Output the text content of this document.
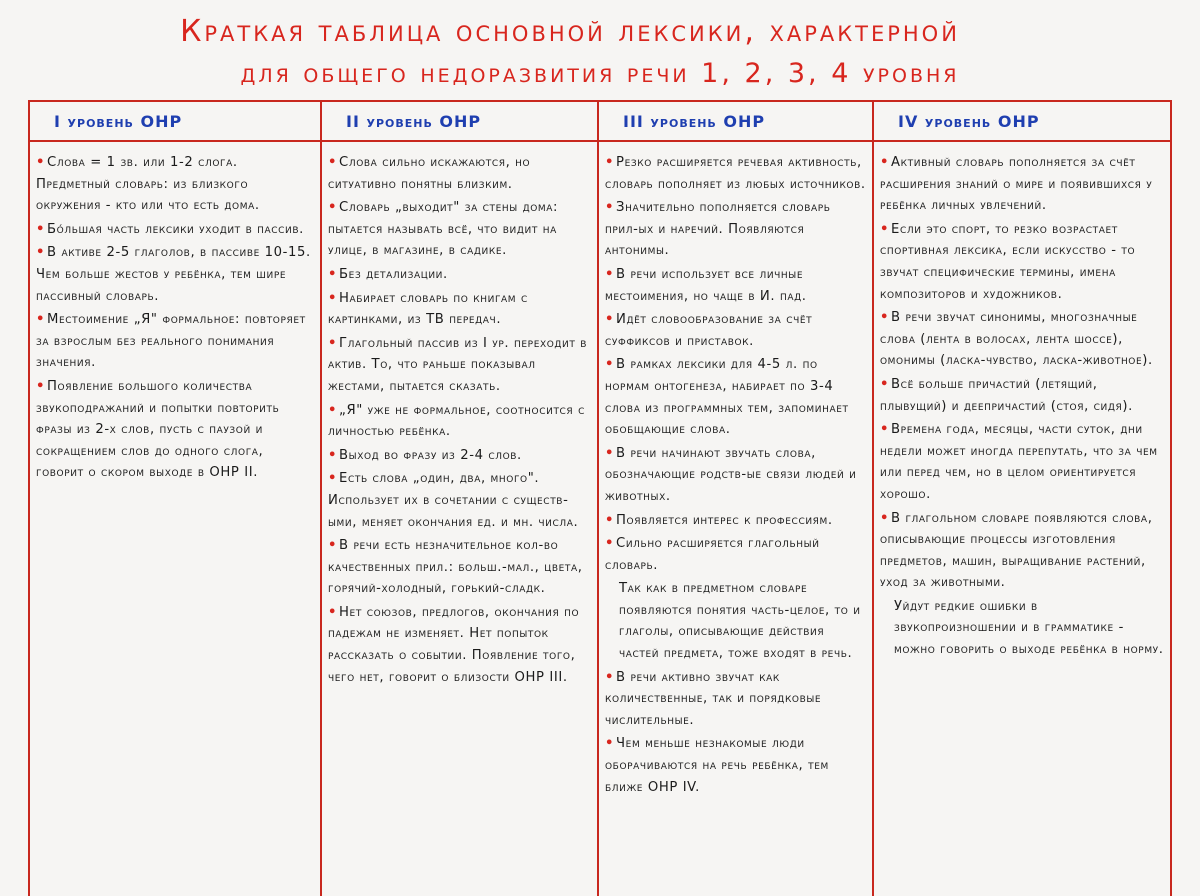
Краткая таблица основной лексики, характерной
для общего недоразвития речи 1, 2, 3, 4 уровня
I уровень ОНР
• Слова = 1 зв. или 1-2 слога. Предметный словарь: из близкого окружения - кто или что есть дома.
• Бо́льшая часть лексики уходит в пассив.
• В активе 2-5 глаголов, в пассиве 10-15. Чем больше жестов у ребёнка, тем шире пассивный словарь.
• Местоимение „Я" формальное: повторяет за взрослым без реального понимания значения.
• Появление большого количества звукоподражаний и попытки повторить фразы из 2-х слов, пусть с паузой и сокращением слов до одного слога, говорит о скором выходе в ОНР II.
II уровень ОНР
• Слова сильно искажаются, но ситуативно понятны близким.
• Словарь „выходит" за стены дома: пытается называть всё, что видит на улице, в магазине, в садике.
• Без детализации.
• Набирает словарь по книгам с картинками, из ТВ передач.
• Глагольный пассив из I ур. переходит в актив. То, что раньше показывал жестами, пытается сказать.
• „Я" уже не формальное, соотносится с личностью ребёнка.
• Выход во фразу из 2-4 слов.
• Есть слова „один, два, много". Использует их в сочетании с существ-ыми, меняет окончания ед. и мн. числа.
• В речи есть незначительное кол-во качественных прил.: больш.-мал., цвета, горячий-холодный, горький-сладк.
• Нет союзов, предлогов, окончания по падежам не изменяет. Нет попыток рассказать о событии. Появление того, чего нет, говорит о близости ОНР III.
III уровень ОНР
• Резко расширяется речевая активность, словарь пополняет из любых источников.
• Значительно пополняется словарь прил-ых и наречий. Появляются антонимы.
• В речи использует все личные местоимения, но чаще в И. пад.
• Идёт словообразование за счёт суффиксов и приставок.
• В рамках лексики для 4-5 л. по нормам онтогенеза, набирает по 3-4 слова из программных тем, запоминает обобщающие слова.
• В речи начинают звучать слова, обозначающие родств-ые связи людей и животных.
• Появляется интерес к профессиям.
• Сильно расширяется глагольный словарь.
Так как в предметном словаре появляются понятия часть-целое, то и глаголы, описывающие действия частей предмета, тоже входят в речь.
• В речи активно звучат как количественные, так и порядковые числительные.
• Чем меньше незнакомые люди оборачиваются на речь ребёнка, тем ближе ОНР IV.
IV уровень ОНР
• Активный словарь пополняется за счёт расширения знаний о мире и появившихся у ребёнка личных увлечений.
• Если это спорт, то резко возрастает спортивная лексика, если искусство - то звучат специфические термины, имена композиторов и художников.
• В речи звучат синонимы, многозначные слова (лента в волосах, лента шоссе), омонимы (ласка-чувство, ласка-животное).
• Всё больше причастий (летящий, плывущий) и деепричастий (стоя, сидя).
• Времена года, месяцы, части суток, дни недели может иногда перепутать, что за чем или перед чем, но в целом ориентируется хорошо.
• В глагольном словаре появляются слова, описывающие процессы изготовления предметов, машин, выращивание растений, уход за животными.
Уйдут редкие ошибки в звукопроизношении и в грамматике - можно говорить о выходе ребёнка в норму.
